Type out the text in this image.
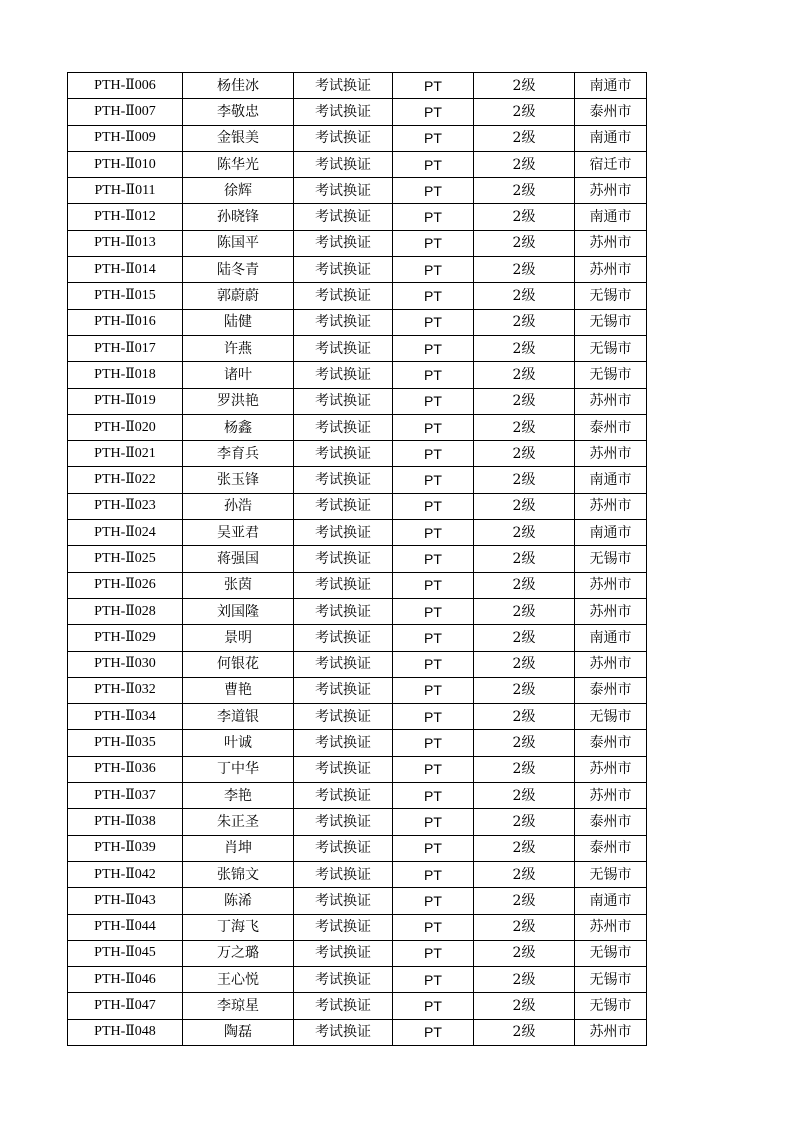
PTH-Ⅱ006	杨佳冰	考试换证	PT	2级	南通市
PTH-Ⅱ007	李敬忠	考试换证	PT	2级	泰州市
PTH-Ⅱ009	金银美	考试换证	PT	2级	南通市
PTH-Ⅱ010	陈华光	考试换证	PT	2级	宿迁市
PTH-Ⅱ011	徐辉	考试换证	PT	2级	苏州市
PTH-Ⅱ012	孙晓锋	考试换证	PT	2级	南通市
PTH-Ⅱ013	陈国平	考试换证	PT	2级	苏州市
PTH-Ⅱ014	陆冬青	考试换证	PT	2级	苏州市
PTH-Ⅱ015	郭蔚蔚	考试换证	PT	2级	无锡市
PTH-Ⅱ016	陆健	考试换证	PT	2级	无锡市
PTH-Ⅱ017	许燕	考试换证	PT	2级	无锡市
PTH-Ⅱ018	诸叶	考试换证	PT	2级	无锡市
PTH-Ⅱ019	罗洪艳	考试换证	PT	2级	苏州市
PTH-Ⅱ020	杨鑫	考试换证	PT	2级	泰州市
PTH-Ⅱ021	李育兵	考试换证	PT	2级	苏州市
PTH-Ⅱ022	张玉锋	考试换证	PT	2级	南通市
PTH-Ⅱ023	孙浩	考试换证	PT	2级	苏州市
PTH-Ⅱ024	吴亚君	考试换证	PT	2级	南通市
PTH-Ⅱ025	蒋强国	考试换证	PT	2级	无锡市
PTH-Ⅱ026	张茵	考试换证	PT	2级	苏州市
PTH-Ⅱ028	刘国隆	考试换证	PT	2级	苏州市
PTH-Ⅱ029	景明	考试换证	PT	2级	南通市
PTH-Ⅱ030	何银花	考试换证	PT	2级	苏州市
PTH-Ⅱ032	曹艳	考试换证	PT	2级	泰州市
PTH-Ⅱ034	李道银	考试换证	PT	2级	无锡市
PTH-Ⅱ035	叶诚	考试换证	PT	2级	泰州市
PTH-Ⅱ036	丁中华	考试换证	PT	2级	苏州市
PTH-Ⅱ037	李艳	考试换证	PT	2级	苏州市
PTH-Ⅱ038	朱正圣	考试换证	PT	2级	泰州市
PTH-Ⅱ039	肖坤	考试换证	PT	2级	泰州市
PTH-Ⅱ042	张锦文	考试换证	PT	2级	无锡市
PTH-Ⅱ043	陈浠	考试换证	PT	2级	南通市
PTH-Ⅱ044	丁海飞	考试换证	PT	2级	苏州市
PTH-Ⅱ045	万之璐	考试换证	PT	2级	无锡市
PTH-Ⅱ046	王心悦	考试换证	PT	2级	无锡市
PTH-Ⅱ047	李琼星	考试换证	PT	2级	无锡市
PTH-Ⅱ048	陶磊	考试换证	PT	2级	苏州市
